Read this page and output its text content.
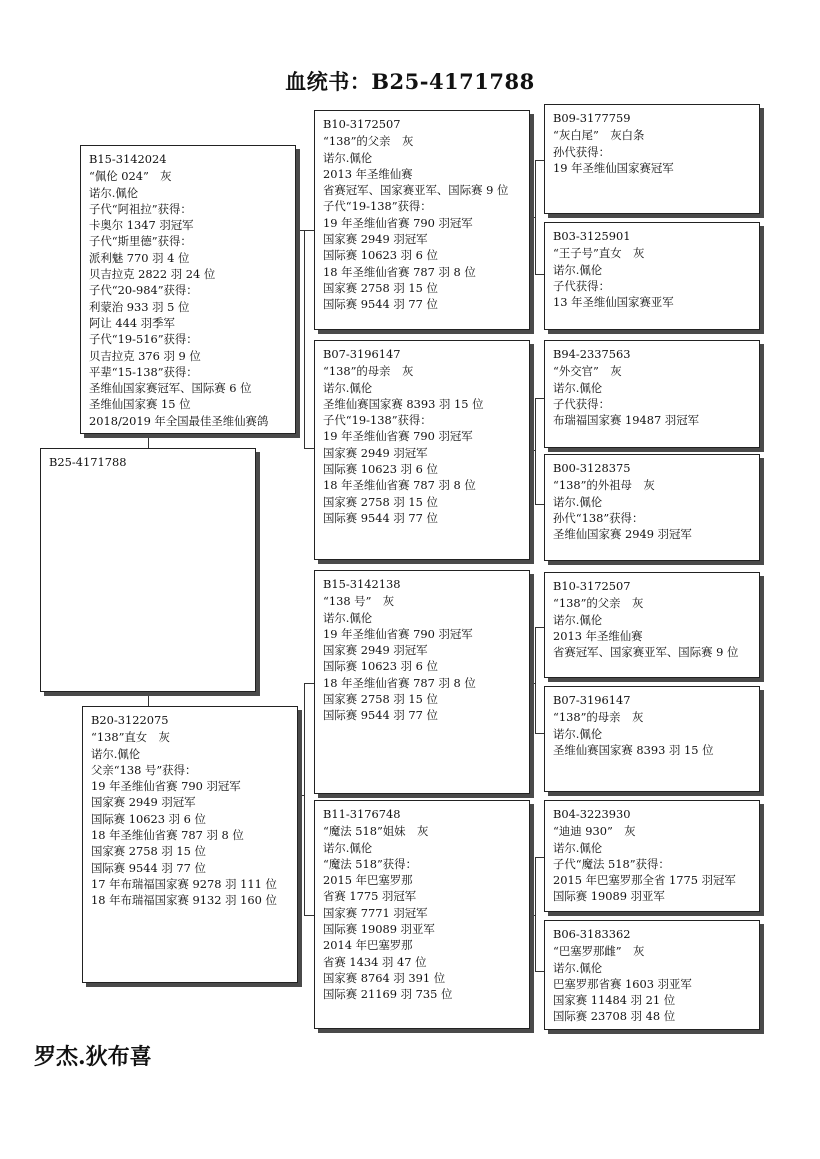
血统书：B25-4171788
B15-3142024
“佩伦 024”　灰
诺尔.佩伦
子代“阿祖拉”获得：
卡奥尔 1347 羽冠军
子代“斯里德”获得：
派利魅 770 羽 4 位
贝吉拉克 2822 羽 24 位
子代“20-984”获得：
利蒙治 933 羽 5 位
阿让 444 羽季军
子代“19-516”获得：
贝吉拉克 376 羽 9 位
平辈“15-138”获得：
圣维仙国家赛冠军、国际赛 6 位
圣维仙国家赛 15 位
2018/2019 年全国最佳圣维仙赛鸽
B25-4171788
B20-3122075
“138”直女　灰
诺尔.佩伦
父亲“138 号”获得：
19 年圣维仙省赛 790 羽冠军
国家赛 2949 羽冠军
国际赛 10623 羽 6 位
18 年圣维仙省赛 787 羽 8 位
国家赛 2758 羽 15 位
国际赛 9544 羽 77 位
17 年布瑞福国家赛 9278 羽 111 位
18 年布瑞福国家赛 9132 羽 160 位
B10-3172507
“138”的父亲　灰
诺尔.佩伦
2013 年圣维仙赛
省赛冠军、国家赛亚军、国际赛 9 位
子代“19-138”获得：
19 年圣维仙省赛 790 羽冠军
国家赛 2949 羽冠军
国际赛 10623 羽 6 位
18 年圣维仙省赛 787 羽 8 位
国家赛 2758 羽 15 位
国际赛 9544 羽 77 位
B07-3196147
“138”的母亲　灰
诺尔.佩伦
圣维仙赛国家赛 8393 羽 15 位
子代“19-138”获得：
19 年圣维仙省赛 790 羽冠军
国家赛 2949 羽冠军
国际赛 10623 羽 6 位
18 年圣维仙省赛 787 羽 8 位
国家赛 2758 羽 15 位
国际赛 9544 羽 77 位
B15-3142138
“138 号”　灰
诺尔.佩伦
19 年圣维仙省赛 790 羽冠军
国家赛 2949 羽冠军
国际赛 10623 羽 6 位
18 年圣维仙省赛 787 羽 8 位
国家赛 2758 羽 15 位
国际赛 9544 羽 77 位
B11-3176748
“魔法 518”姐妹　灰
诺尔.佩伦
“魔法 518”获得：
2015 年巴塞罗那
省赛 1775 羽冠军
国家赛 7771 羽冠军
国际赛 19089 羽亚军
2014 年巴塞罗那
省赛 1434 羽 47 位
国家赛 8764 羽 391 位
国际赛 21169 羽 735 位
B09-3177759
“灰白尾”　灰白条
孙代获得：
19 年圣维仙国家赛冠军
B03-3125901
“王子号”直女　灰
诺尔.佩伦
子代获得：
13 年圣维仙国家赛亚军
B94-2337563
“外交官”　灰
诺尔.佩伦
子代获得：
布瑞福国家赛 19487 羽冠军
B00-3128375
“138”的外祖母　灰
诺尔.佩伦
孙代“138”获得：
圣维仙国家赛 2949 羽冠军
B10-3172507
“138”的父亲　灰
诺尔.佩伦
2013 年圣维仙赛
省赛冠军、国家赛亚军、国际赛 9 位
B07-3196147
“138”的母亲　灰
诺尔.佩伦
圣维仙赛国家赛 8393 羽 15 位
B04-3223930
“迪迪 930”　灰
诺尔.佩伦
子代“魔法 518”获得：
2015 年巴塞罗那全省 1775 羽冠军
国际赛 19089 羽亚军
B06-3183362
“巴塞罗那雌”　灰
诺尔.佩伦
巴塞罗那省赛 1603 羽亚军
国家赛 11484 羽 21 位
国际赛 23708 羽 48 位
罗杰.狄布喜
